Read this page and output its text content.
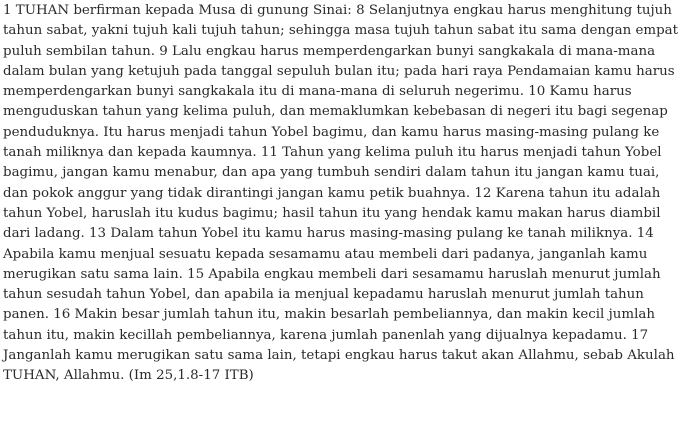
1 TUHAN berfirman kepada Musa di gunung Sinai: 8 Selanjutnya engkau harus menghitung tujuh
tahun sabat, yakni tujuh kali tujuh tahun; sehingga masa tujuh tahun sabat itu sama dengan empat
puluh sembilan tahun. 9 Lalu engkau harus memperdengarkan bunyi sangkakala di mana-mana
dalam bulan yang ketujuh pada tanggal sepuluh bulan itu; pada hari raya Pendamaian kamu harus
memperdengarkan bunyi sangkakala itu di mana-mana di seluruh negerimu. 10 Kamu harus
menguduskan tahun yang kelima puluh, dan memaklumkan kebebasan di negeri itu bagi segenap
penduduknya. Itu harus menjadi tahun Yobel bagimu, dan kamu harus masing-masing pulang ke
tanah miliknya dan kepada kaumnya. 11 Tahun yang kelima puluh itu harus menjadi tahun Yobel
bagimu, jangan kamu menabur, dan apa yang tumbuh sendiri dalam tahun itu jangan kamu tuai,
dan pokok anggur yang tidak dirantingi jangan kamu petik buahnya. 12 Karena tahun itu adalah
tahun Yobel, haruslah itu kudus bagimu; hasil tahun itu yang hendak kamu makan harus diambil
dari ladang. 13 Dalam tahun Yobel itu kamu harus masing-masing pulang ke tanah miliknya. 14
Apabila kamu menjual sesuatu kepada sesamamu atau membeli dari padanya, janganlah kamu
merugikan satu sama lain. 15 Apabila engkau membeli dari sesamamu haruslah menurut jumlah
tahun sesudah tahun Yobel, dan apabila ia menjual kepadamu haruslah menurut jumlah tahun
panen. 16 Makin besar jumlah tahun itu, makin besarlah pembeliannya, dan makin kecil jumlah
tahun itu, makin kecillah pembeliannya, karena jumlah panenlah yang dijualnya kepadamu. 17
Janganlah kamu merugikan satu sama lain, tetapi engkau harus takut akan Allahmu, sebab Akulah
TUHAN, Allahmu. (Im 25,1.8-17 ITB)
